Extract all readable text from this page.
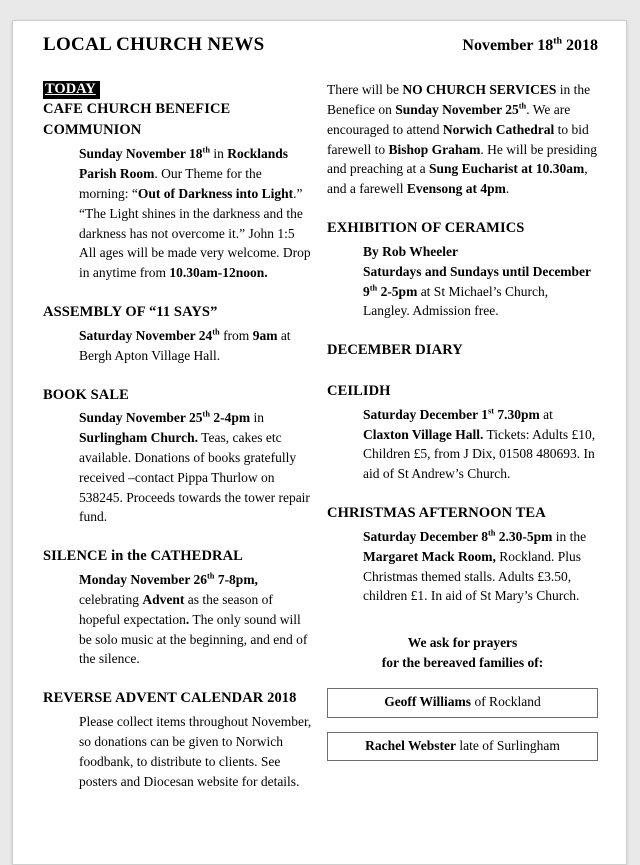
LOCAL CHURCH NEWS	November 18th 2018
TODAY
CAFE CHURCH BENEFICE COMMUNION
Sunday November 18th in Rocklands Parish Room. Our Theme for the morning: “Out of Darkness into Light.” “The Light shines in the darkness and the darkness has not overcome it.” John 1:5 All ages will be made very welcome. Drop in anytime from 10.30am-12noon.
ASSEMBLY OF “11 SAYS”
Saturday November 24th from 9am at Bergh Apton Village Hall.
BOOK SALE
Sunday November 25th 2-4pm in Surlingham Church. Teas, cakes etc available. Donations of books gratefully received –contact Pippa Thurlow on 538245. Proceeds towards the tower repair fund.
SILENCE in the CATHEDRAL
Monday November 26th 7-8pm, celebrating Advent as the season of hopeful expectation. The only sound will be solo music at the beginning, and end of the silence.
REVERSE ADVENT CALENDAR 2018
Please collect items throughout November, so donations can be given to Norwich foodbank, to distribute to clients. See posters and Diocesan website for details.
There will be NO CHURCH SERVICES in the Benefice on Sunday November 25th. We are encouraged to attend Norwich Cathedral to bid farewell to Bishop Graham. He will be presiding and preaching at a Sung Eucharist at 10.30am, and a farewell Evensong at 4pm.
EXHIBITION OF CERAMICS
By Rob Wheeler
Saturdays and Sundays until December 9th 2-5pm at St Michael’s Church, Langley. Admission free.
DECEMBER DIARY
CEILIDH
Saturday December 1st 7.30pm at Claxton Village Hall. Tickets: Adults £10, Children £5, from J Dix, 01508 480693. In aid of St Andrew’s Church.
CHRISTMAS AFTERNOON TEA
Saturday December 8th 2.30-5pm in the Margaret Mack Room, Rockland. Plus Christmas themed stalls. Adults £3.50, children £1. In aid of St Mary’s Church.
We ask for prayers
for the bereaved families of:
Geoff Williams of Rockland
Rachel Webster late of Surlingham
